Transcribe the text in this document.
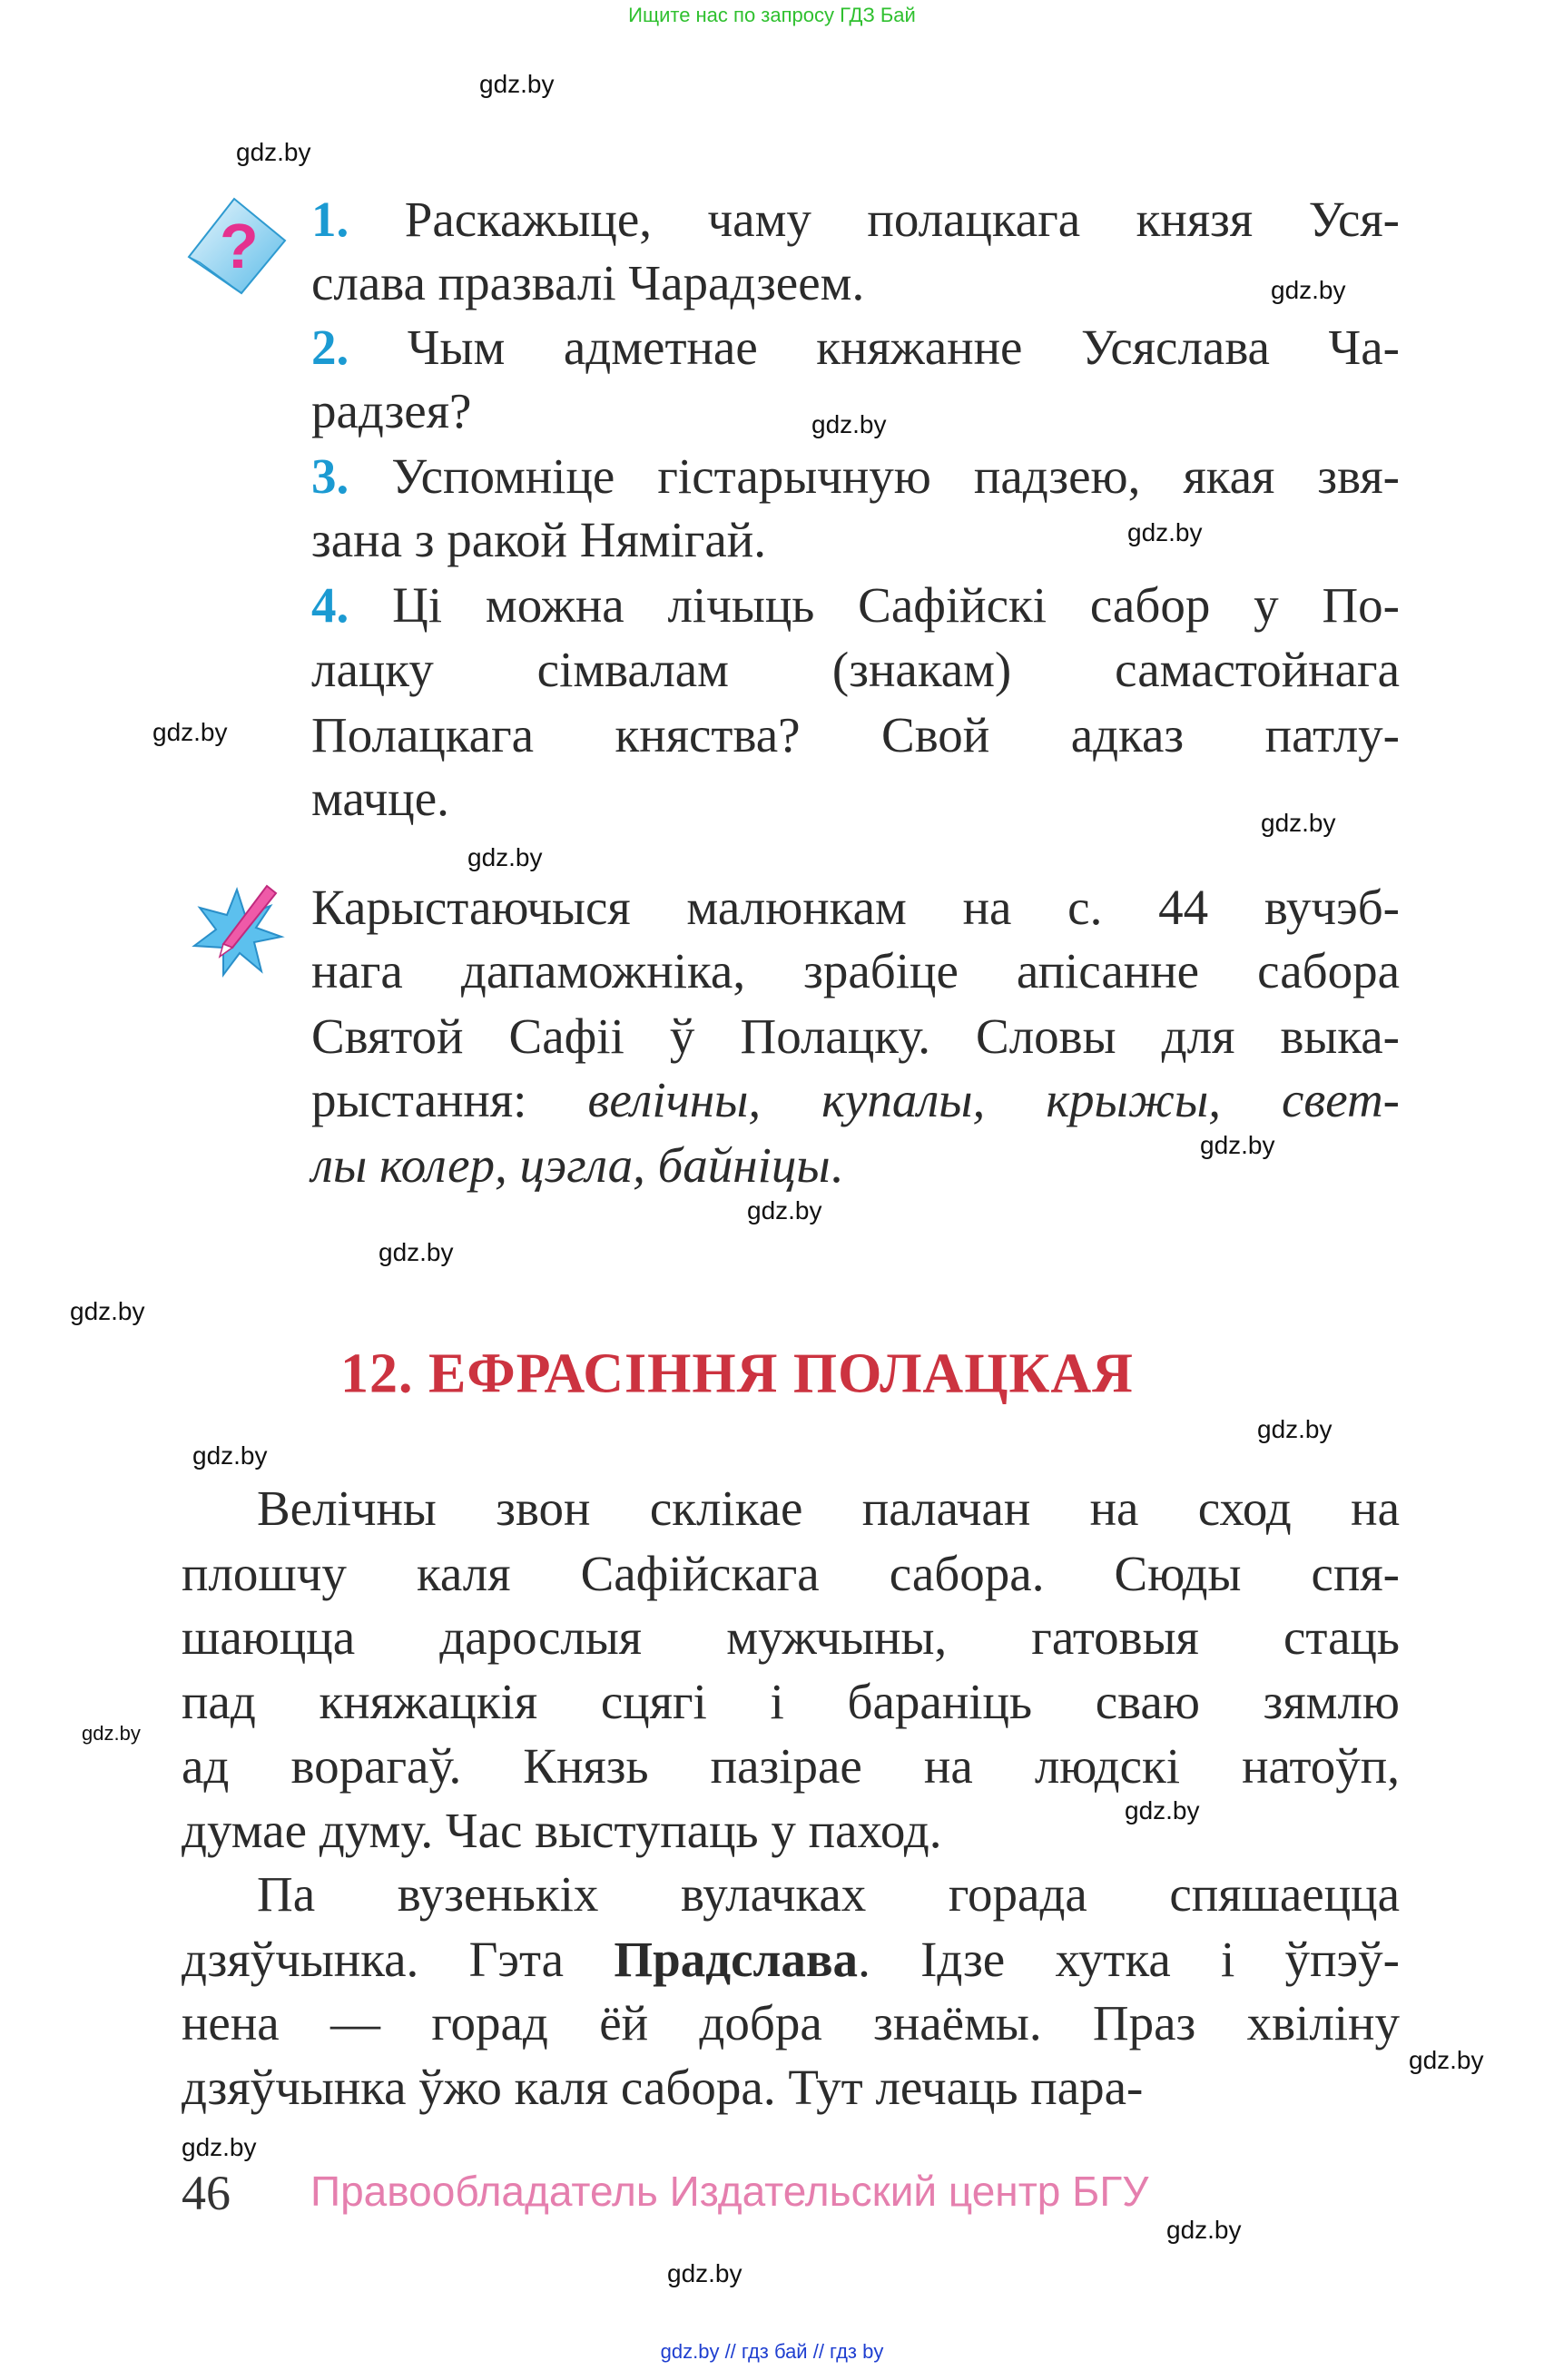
Ищите нас по запросу ГДЗ Бай
? 1. Раскажыце, чаму полацкага князя Уся-
слава празвалі Чарадзеем.
2. Чым адметнае княжанне Усяслава Ча-
радзея?
3. Успомніце гістарычную падзею, якая звя-
зана з ракой Нямігай.
4. Ці можна лічыць Сафійскі сабор у По-
лацку сімвалам (знакам) самастойнага
Полацкага княства? Свой адказ патлу-
мачце.
Карыстаючыся малюнкам на с. 44 вучэб-
нага дапаможніка, зрабіце апісанне сабора
Святой Сафіі ў Полацку. Словы для выка-
рыстання: велічны, купалы, крыжы, свет-
лы колер, цэгла, байніцы.
12. ЕФРАСІННЯ ПОЛАЦКАЯ
Велічны звон склікае палачан на сход на
плошчу каля Сафійскага сабора. Сюды спя-
шаюцца дарослыя мужчыны, гатовыя стаць
пад княжацкія сцягі і бараніць сваю зямлю
ад ворагаў. Князь пазірае на людскі натоўп,
думае думу. Час выступаць у паход.
Па вузенькіх вулачках горада спяшаецца
дзяўчынка. Гэта Прадслава. Ідзе хутка і ўпэў-
нена — горад ёй добра знаёмы. Праз хвіліну
дзяўчынка ўжо каля сабора. Тут лечаць пара-
46 Правообладатель Издательский центр БГУ
gdz.by
gdz.by
gdz.by
gdz.by
gdz.by
gdz.by
gdz.by
gdz.by
gdz.by
gdz.by
gdz.by
gdz.by
gdz.by
gdz.by
gdz.by
gdz.by
gdz.by
gdz.by
gdz.by
gdz.by
gdz.by // гдз бай // гдз by
